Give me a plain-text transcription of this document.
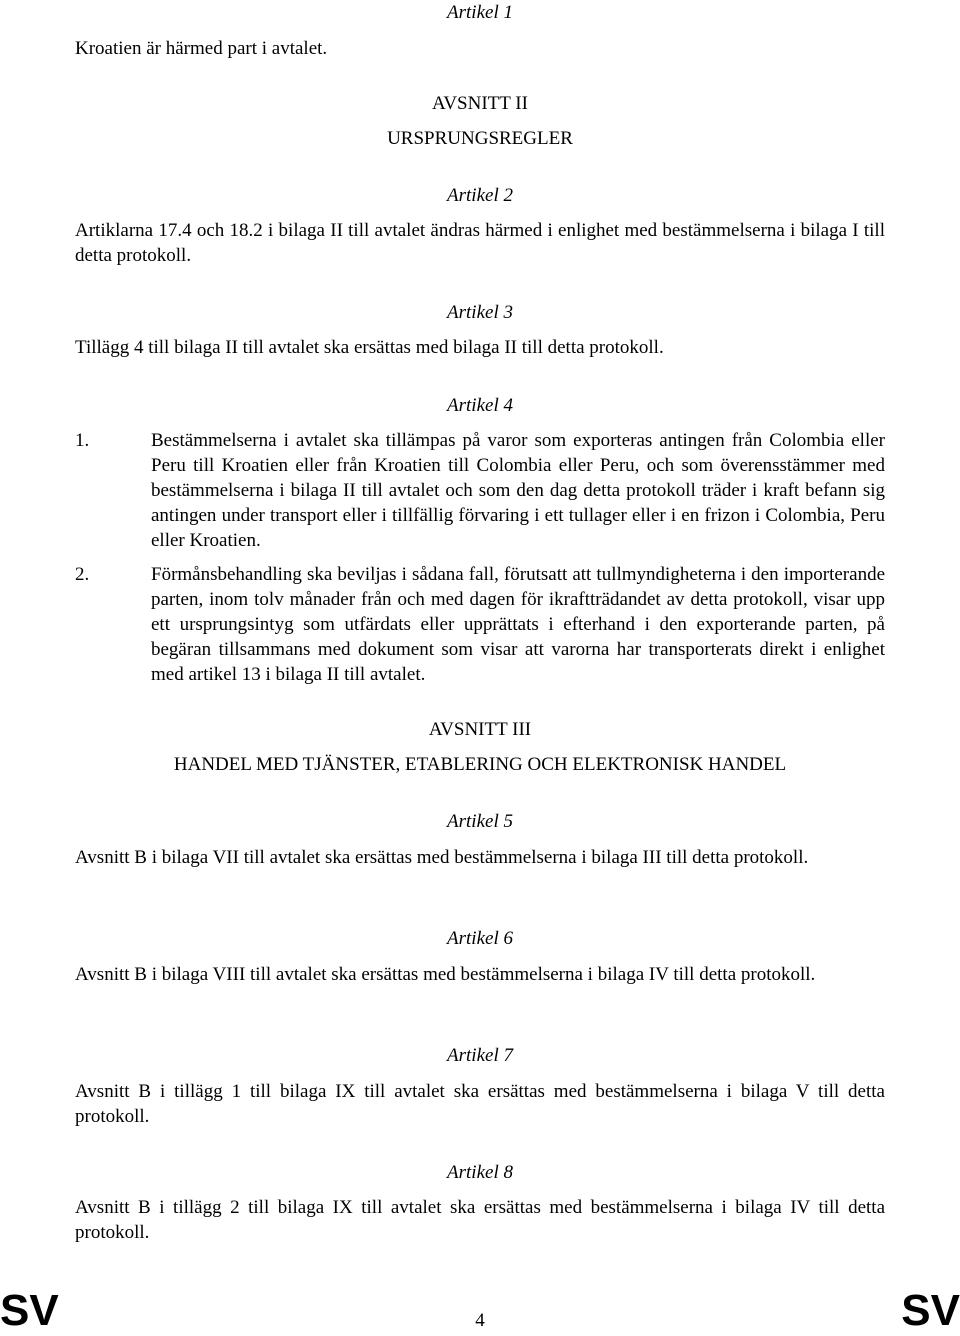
Artikel 1
Kroatien är härmed part i avtalet.
AVSNITT II
URSPRUNGSREGLER
Artikel 2
Artiklarna 17.4 och 18.2 i bilaga II till avtalet ändras härmed i enlighet med bestämmelserna i bilaga I till detta protokoll.
Artikel 3
Tillägg 4 till bilaga II till avtalet ska ersättas med bilaga II till detta protokoll.
Artikel 4
1.	Bestämmelserna i avtalet ska tillämpas på varor som exporteras antingen från Colombia eller Peru till Kroatien eller från Kroatien till Colombia eller Peru, och som överensstämmer med bestämmelserna i bilaga II till avtalet och som den dag detta protokoll träder i kraft befann sig antingen under transport eller i tillfällig förvaring i ett tullager eller i en frizon i Colombia, Peru eller Kroatien.
2.	Förmånsbehandling ska beviljas i sådana fall, förutsatt att tullmyndigheterna i den importerande parten, inom tolv månader från och med dagen för ikraftträdandet av detta protokoll, visar upp ett ursprungsintyg som utfärdats eller upprättats i efterhand i den exporterande parten, på begäran tillsammans med dokument som visar att varorna har transporterats direkt i enlighet med artikel 13 i bilaga II till avtalet.
AVSNITT III
HANDEL MED TJÄNSTER, ETABLERING OCH ELEKTRONISK HANDEL
Artikel 5
Avsnitt B i bilaga VII till avtalet ska ersättas med bestämmelserna i bilaga III till detta protokoll.
Artikel 6
Avsnitt B i bilaga VIII till avtalet ska ersättas med bestämmelserna i bilaga IV till detta protokoll.
Artikel 7
Avsnitt B i tillägg 1 till bilaga IX till avtalet ska ersättas med bestämmelserna i bilaga V till detta protokoll.
Artikel 8
Avsnitt B i tillägg 2 till bilaga IX till avtalet ska ersättas med bestämmelserna i bilaga IV till detta protokoll.
SV	4	SV
